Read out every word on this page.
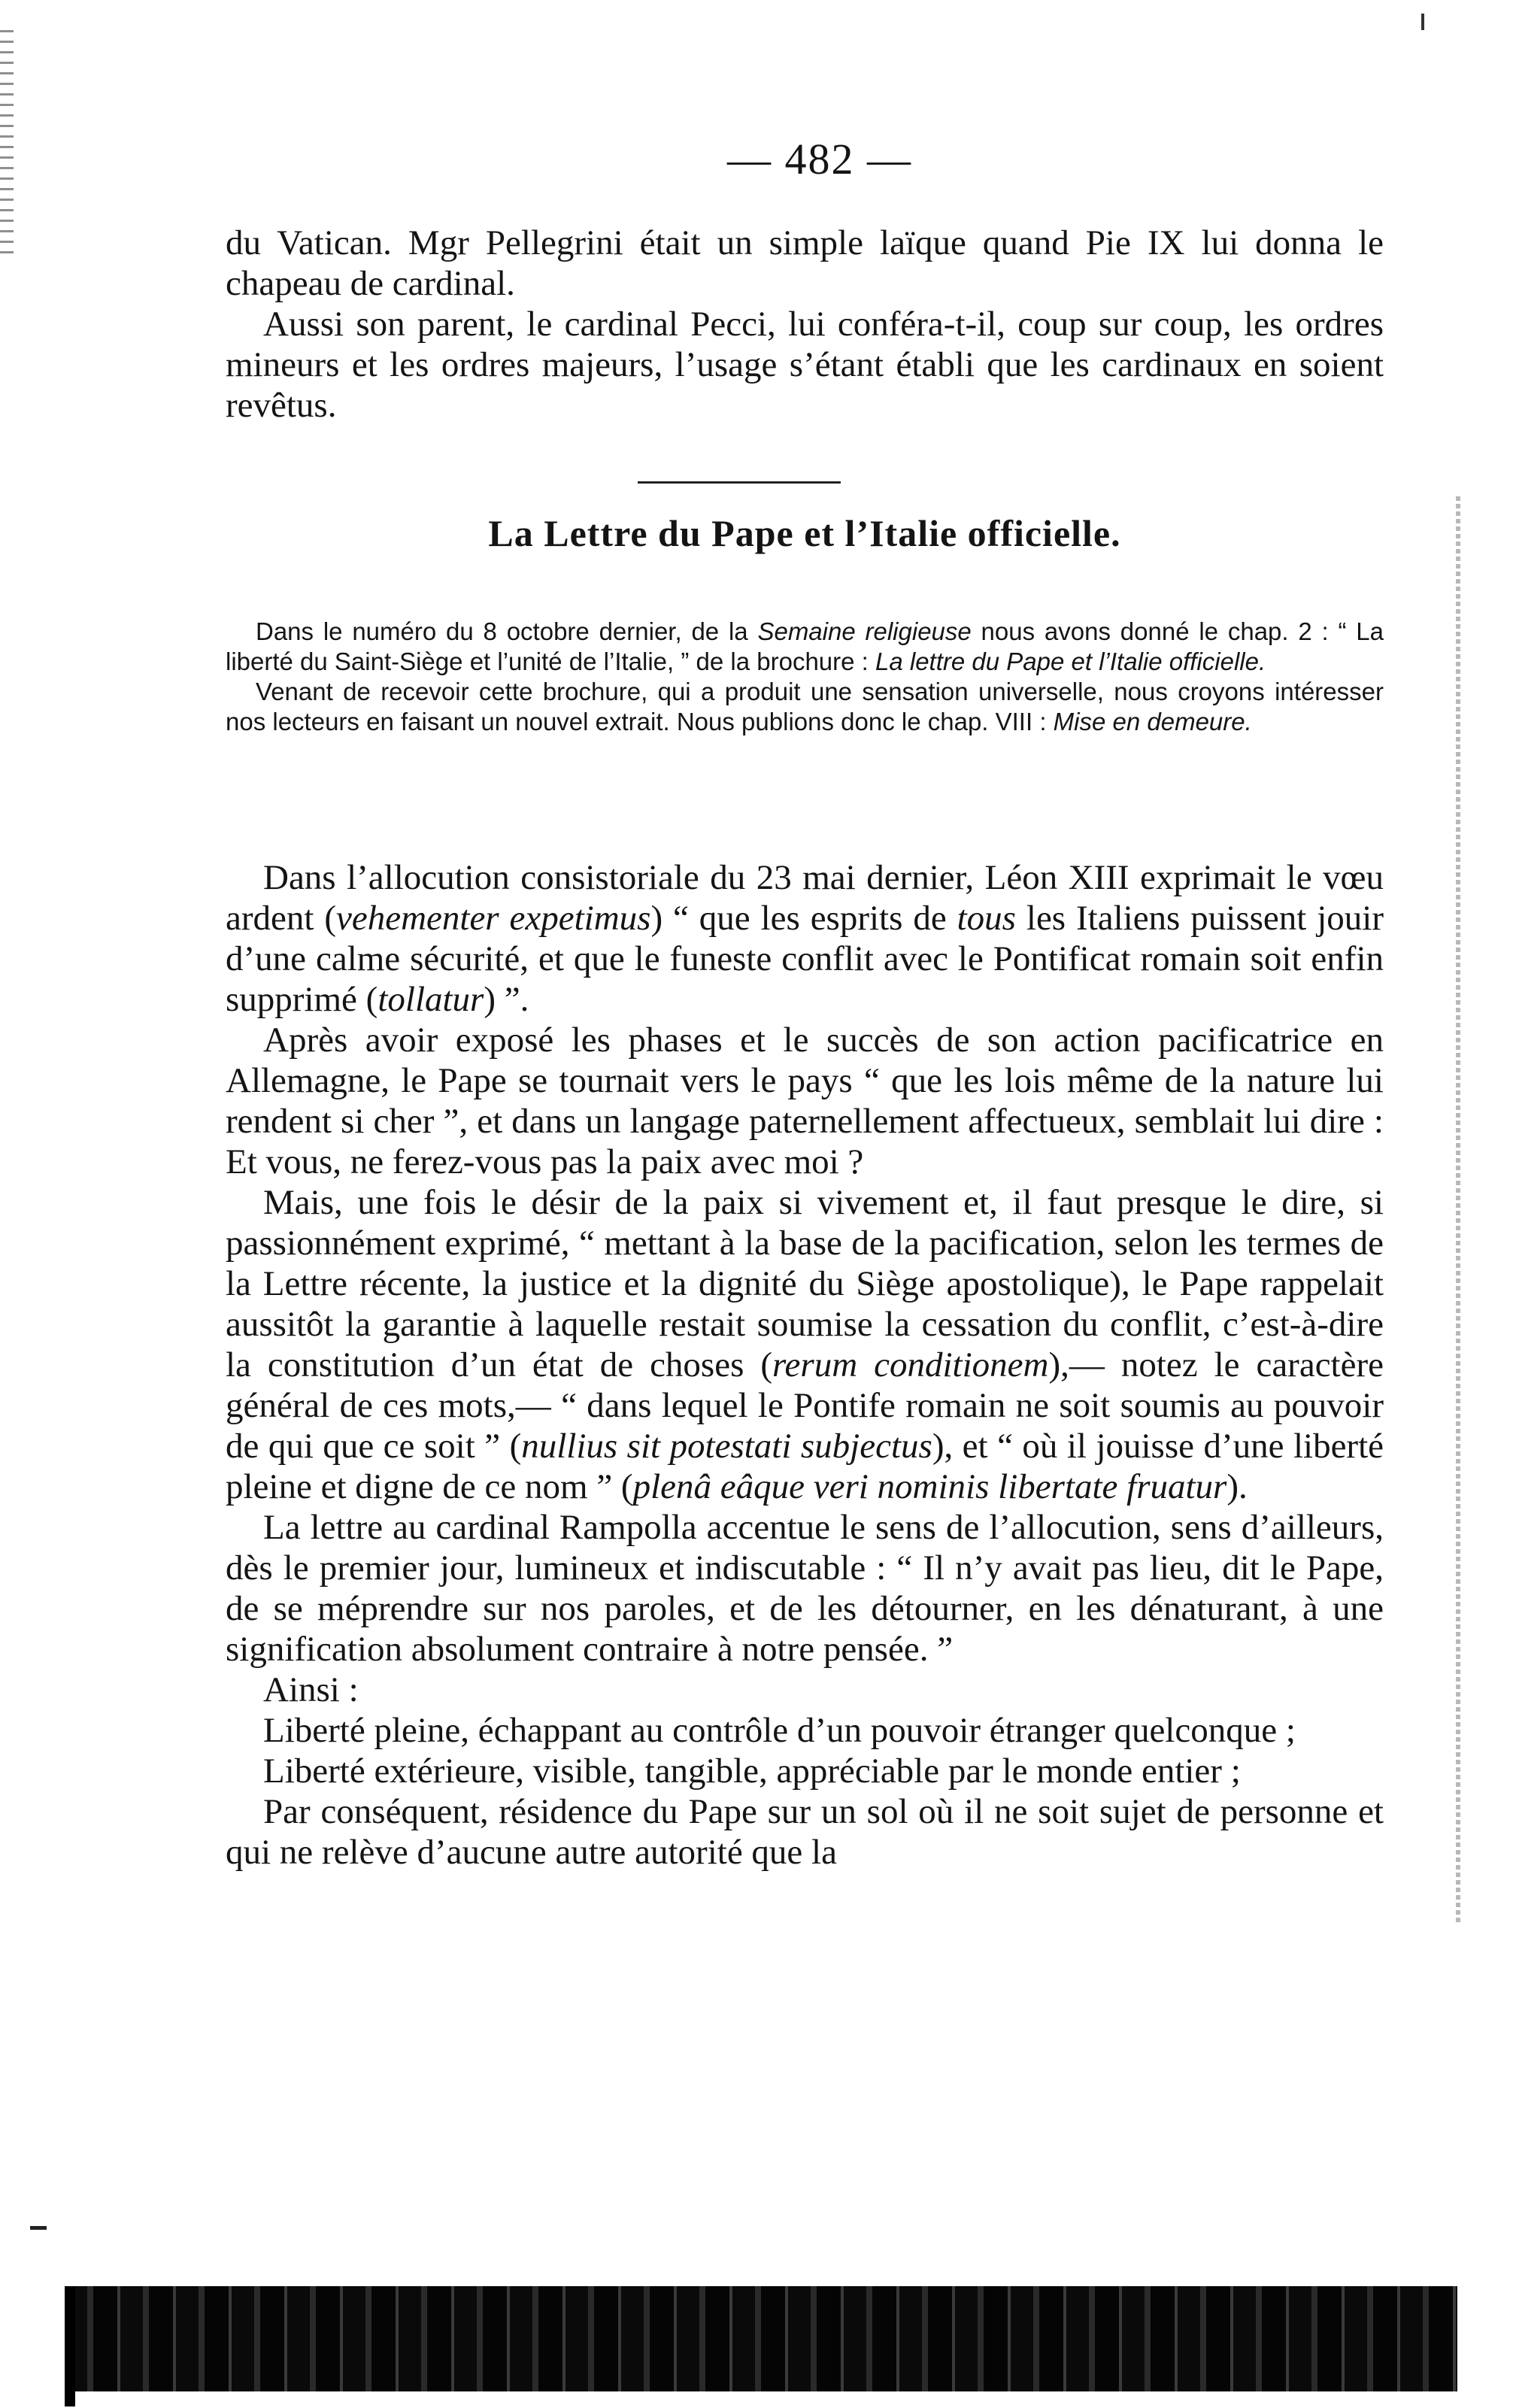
— 482 —

du Vatican. Mgr Pellegrini était un simple laïque quand Pie IX lui donna le chapeau de cardinal.

Aussi son parent, le cardinal Pecci, lui conféra-t-il, coup sur coup, les ordres mineurs et les ordres majeurs, l’usage s’étant établi que les cardinaux en soient revêtus.

La Lettre du Pape et l’Italie officielle.

Dans le numéro du 8 octobre dernier, de la Semaine religieuse nous avons donné le chap. 2 : “ La liberté du Saint-Siège et l’unité de l’Italie, ” de la brochure : La lettre du Pape et l’Italie officielle.

Venant de recevoir cette brochure, qui a produit une sensation universelle, nous croyons intéresser nos lecteurs en faisant un nouvel extrait. Nous publions donc le chap. VIII : Mise en demeure.

Dans l’allocution consistoriale du 23 mai dernier, Léon XIII exprimait le vœu ardent (vehementer expetimus) “ que les esprits de tous les Italiens puissent jouir d’une calme sécurité, et que le funeste conflit avec le Pontificat romain soit enfin supprimé (tollatur) ”.

Après avoir exposé les phases et le succès de son action pacificatrice en Allemagne, le Pape se tournait vers le pays “ que les lois même de la nature lui rendent si cher ”, et dans un langage paternellement affectueux, semblait lui dire : Et vous, ne ferez-vous pas la paix avec moi ?

Mais, une fois le désir de la paix si vivement et, il faut presque le dire, si passionnément exprimé, “ mettant à la base de la pacification, selon les termes de la Lettre récente, la justice et la dignité du Siège apostolique), le Pape rappelait aussitôt la garantie à laquelle restait soumise la cessation du conflit, c’est-à-dire la constitution d’un état de choses (rerum conditionem),— notez le caractère général de ces mots,— “ dans lequel le Pontife romain ne soit soumis au pouvoir de qui que ce soit ” (nullius sit potestati subjectus), et “ où il jouisse d’une liberté pleine et digne de ce nom ” (plenâ eâque veri nominis libertate fruatur).

La lettre au cardinal Rampolla accentue le sens de l’allocution, sens d’ailleurs, dès le premier jour, lumineux et indiscutable : “ Il n’y avait pas lieu, dit le Pape, de se méprendre sur nos paroles, et de les détourner, en les dénaturant, à une signification absolument contraire à notre pensée. ”

Ainsi :

Liberté pleine, échappant au contrôle d’un pouvoir étranger quelconque ;

Liberté extérieure, visible, tangible, appréciable par le monde entier ;

Par conséquent, résidence du Pape sur un sol où il ne soit sujet de personne et qui ne relève d’aucune autre autorité que la
